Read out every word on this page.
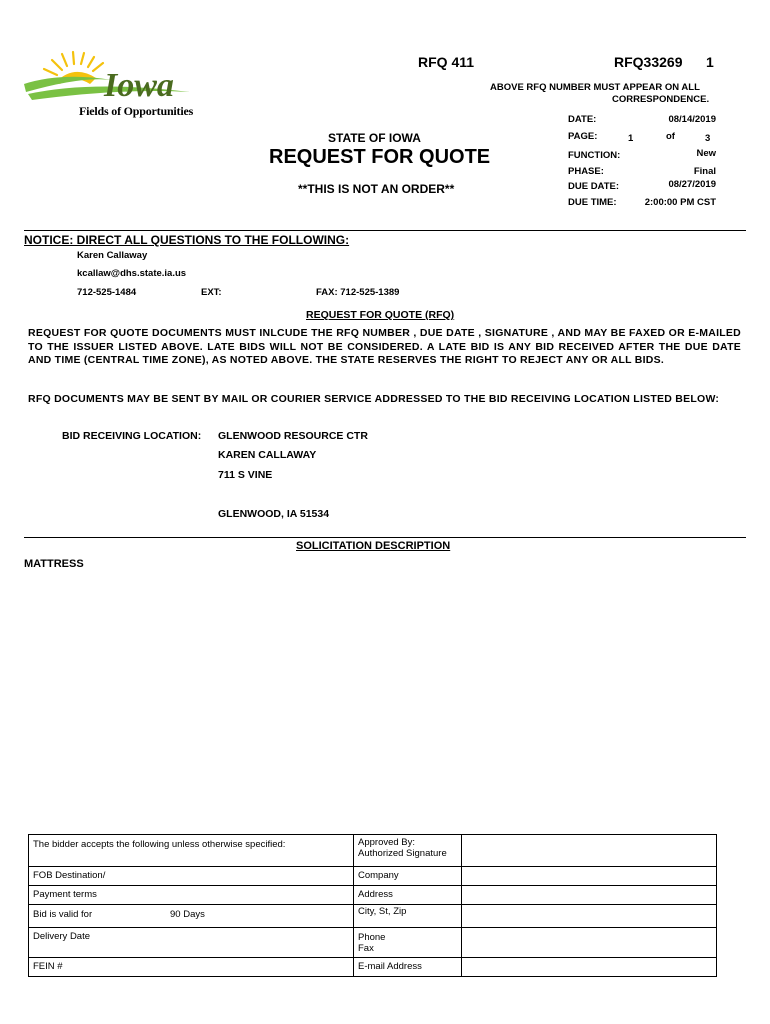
Iowa
Fields of Opportunities
RFQ 411	RFQ33269 1
ABOVE RFQ NUMBER MUST APPEAR ON ALL
CORRESPONDENCE.
STATE OF IOWA
REQUEST FOR QUOTE
**THIS IS NOT AN ORDER**
DATE:	08/14/2019
PAGE:	1	of	3
FUNCTION:	New
PHASE:	Final
DUE DATE:	08/27/2019
DUE TIME:	2:00:00 PM CST
NOTICE: DIRECT ALL QUESTIONS TO THE FOLLOWING:
Karen Callaway
kcallaw@dhs.state.ia.us
712-525-1484	EXT:	FAX: 712-525-1389
REQUEST FOR QUOTE (RFQ)
REQUEST FOR QUOTE DOCUMENTS MUST INLCUDE THE RFQ NUMBER , DUE DATE , SIGNATURE , AND MAY BE FAXED OR E-MAILED TO THE ISSUER LISTED ABOVE. LATE BIDS WILL NOT BE CONSIDERED. A LATE BID IS ANY BID RECEIVED AFTER THE DUE DATE AND TIME (CENTRAL TIME ZONE), AS NOTED ABOVE. THE STATE RESERVES THE RIGHT TO REJECT ANY OR ALL BIDS.
RFQ DOCUMENTS MAY BE SENT BY MAIL OR COURIER SERVICE ADDRESSED TO THE BID RECEIVING LOCATION LISTED BELOW:
BID RECEIVING LOCATION: GLENWOOD RESOURCE CTR
KAREN CALLAWAY
711 S VINE
GLENWOOD, IA 51534
SOLICITATION DESCRIPTION
MATTRESS
The bidder accepts the following unless otherwise specified:	Approved By:
Authorized Signature	

FOB Destination/	Company	

Payment terms	Address	

Bid is valid for 90 Days	City, St, Zip	

Delivery Date	Phone
Fax	

FEIN #	E-mail Address	
